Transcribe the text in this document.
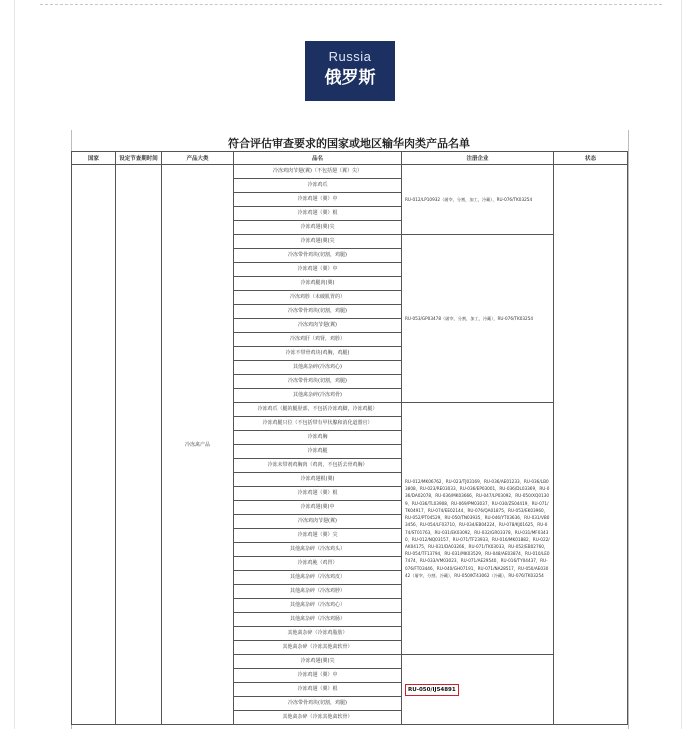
Russia
俄罗斯
符合评估审查要求的国家或地区输华肉类产品名单
国家	设定节查期时间	产品大类	品名	注册企业	状态
		冷冻禽产品	冷冻鸡肉节翅(翼)（不包括翅（翼）尖）	RU-012/LP10932（屠宰，分割，加工，冷藏），RU-076/TK03254	
			冷冻鸡爪		
			冷冻鸡翅（翼）中		
			冷冻鸡翅（翼）根		
			冷冻鸡翅(翼)尖		
			冷冻鸡翅(翼)尖	RU-053/GP03478（屠宰，分割，加工，冷藏），RU-076/TK03254	
			冷冻带骨鸡块(切割，鸡腿)		
			冷冻鸡翅（翼）中		
			冷冻鸡腿肉(翼)		
			冷冻鸡胗（未破肌胃的）		
			冷冻带骨鸡块(切割，鸡腿)		
			冷冻鸡肉节翅(翼)		
			冷冻鸡肝（鸡肾，鸡胗）		
			冷冻不带骨鸡块(鸡胸，鸡腿)		
			其他禽杂碎(冷冻鸡心)		
			冷冻带骨鸡块(切割，鸡腿)		
			其他禽杂碎(冷冻鸡骨)		
			冷冻鸡爪（腿的腿胫部，不包括冷冻鸡脚，冷冻鸡腿）	RU-012/MK06762，RU-023/TJ03169，RU-036/AE01233，RU-036/LB03808，RU-023/RE03033，RU-036/EP03001，RU-036/DL03369，RU-036/DA02078，RU-036/MK03666，RU-047/LP03092，RU-050/XQ01309，RU-036/TL03908，RU-069/PM03037，RU-030/ZS04419，RU-071/TK04917，RU-074/EE02144，RU-076/QA01875，RU-053/EK03960，RU-052/PT04529，RU-050/TN03935，RU-046/YT03636，RU-031/VB03456，RU-054/LF03710，RU-034/EB04224，RU-078/KJ01625，RU-074/ST01763，RU-031/EK03092，RU-032/GR03378，RU-031/MF03430，RU-012/NQ03157，RU-071/TF23933，RU-016/MK01882，RU-022/AK04175，RU-031/DA03266，RU-071/TK03033，RU-052/EB02760，RU-054/TF13794，RU-031/MK03529，RU-048/AE03874，RU-010/LE07474，RU-033/VM03023，RU-071/AE29540，RU-016/TY04437，RU-076/FT03446，RU-040/GH07191，RU-071/NA28517，RU-050/AE03042（屠宰，分割，冷藏），RU-050/KT43062（冷藏），RU-076/TK03254	
			冷冻鸡腿只位（不包括带有甲状腺和消化道器官）		
			冷冻鸡胸		
			冷冻鸡腿		
			冷冻未带剂鸡胸肉（鸡肉，不包括去骨鸡胸）		
			冷冻鸡翅根(翼)		
			冷冻鸡翅（翼）根		
			冷冻鸡翅(翼)中		
			冷冻鸡肉节翅(翼)		
			冷冻鸡翅（翼）尖		
			其他禽杂碎（冷冻鸡头）		
			冷冻鸡肫（鸡胃）		
			其他禽杂碎（冷冻鸡皮）		
			其他禽杂碎（冷冻鸡脖）		
			其他禽杂碎（冷冻鸡心）		
			其他禽杂碎（冷冻鸡肠）		
			其他禽杂碎（冷冻鸡脂肪）		
			其他禽杂碎（冷冻其他禽软骨）		
			冷冻鸡翅(翼)尖	RU-050/IJ54891	
			冷冻鸡翅（翼）中		
			冷冻鸡翅（翼）根		
			冷冻带骨鸡块(切割，鸡腿)		
			其他禽杂碎（冷冻其他禽软骨）		
